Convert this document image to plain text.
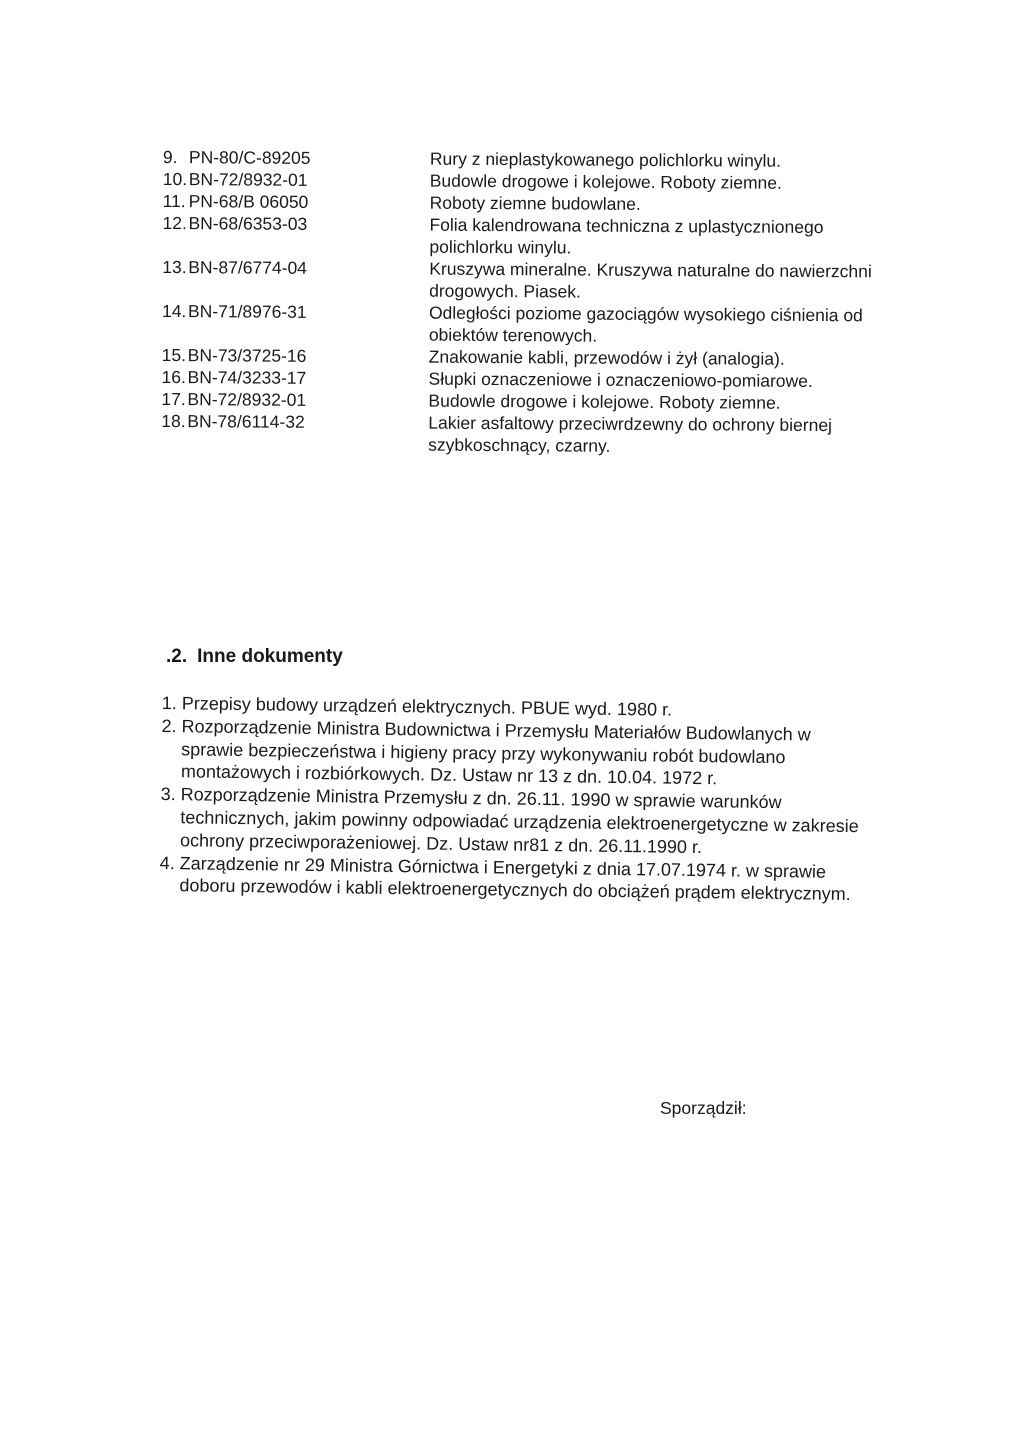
9. PN-80/C-89205	Rury z nieplastykowanego polichlorku winylu.
10.BN-72/8932-01	Budowle drogowe i kolejowe. Roboty ziemne.
11. PN-68/B 06050	Roboty ziemne budowlane.
12.BN-68/6353-03	Folia kalendrowana techniczna z uplastycznionego
polichlorku winylu.
13.BN-87/6774-04	Kruszywa mineralne. Kruszywa naturalne do nawierzchni
drogowych. Piasek.
14.BN-71/8976-31	Odległości poziome gazociągów wysokiego ciśnienia od
obiektów terenowych.
15.BN-73/3725-16	Znakowanie kabli, przewodów i żył (analogia).
16.BN-74/3233-17	Słupki oznaczeniowe i oznaczeniowo-pomiarowe.
17.BN-72/8932-01	Budowle drogowe i kolejowe. Roboty ziemne.
18.BN-78/6114-32	Lakier asfaltowy przeciwrdzewny do ochrony biernej
szybkoschnący, czarny.
.2. Inne dokumenty
1. Przepisy budowy urządzeń elektrycznych. PBUE wyd. 1980 r.
2. Rozporządzenie Ministra Budownictwa i Przemysłu Materiałów Budowlanych w
sprawie bezpieczeństwa i higieny pracy przy wykonywaniu robót budowlano
montażowych i rozbiórkowych. Dz. Ustaw nr 13 z dn. 10.04. 1972 r.
3. Rozporządzenie Ministra Przemysłu z dn. 26.11. 1990 w sprawie warunków
technicznych, jakim powinny odpowiadać urządzenia elektroenergetyczne w zakresie
ochrony przeciwporażeniowej. Dz. Ustaw nr81 z dn. 26.11.1990 r.
4. Zarządzenie nr 29 Ministra Górnictwa i Energetyki z dnia 17.07.1974 r. w sprawie
doboru przewodów i kabli elektroenergetycznych do obciążeń prądem elektrycznym.
Sporządził:
